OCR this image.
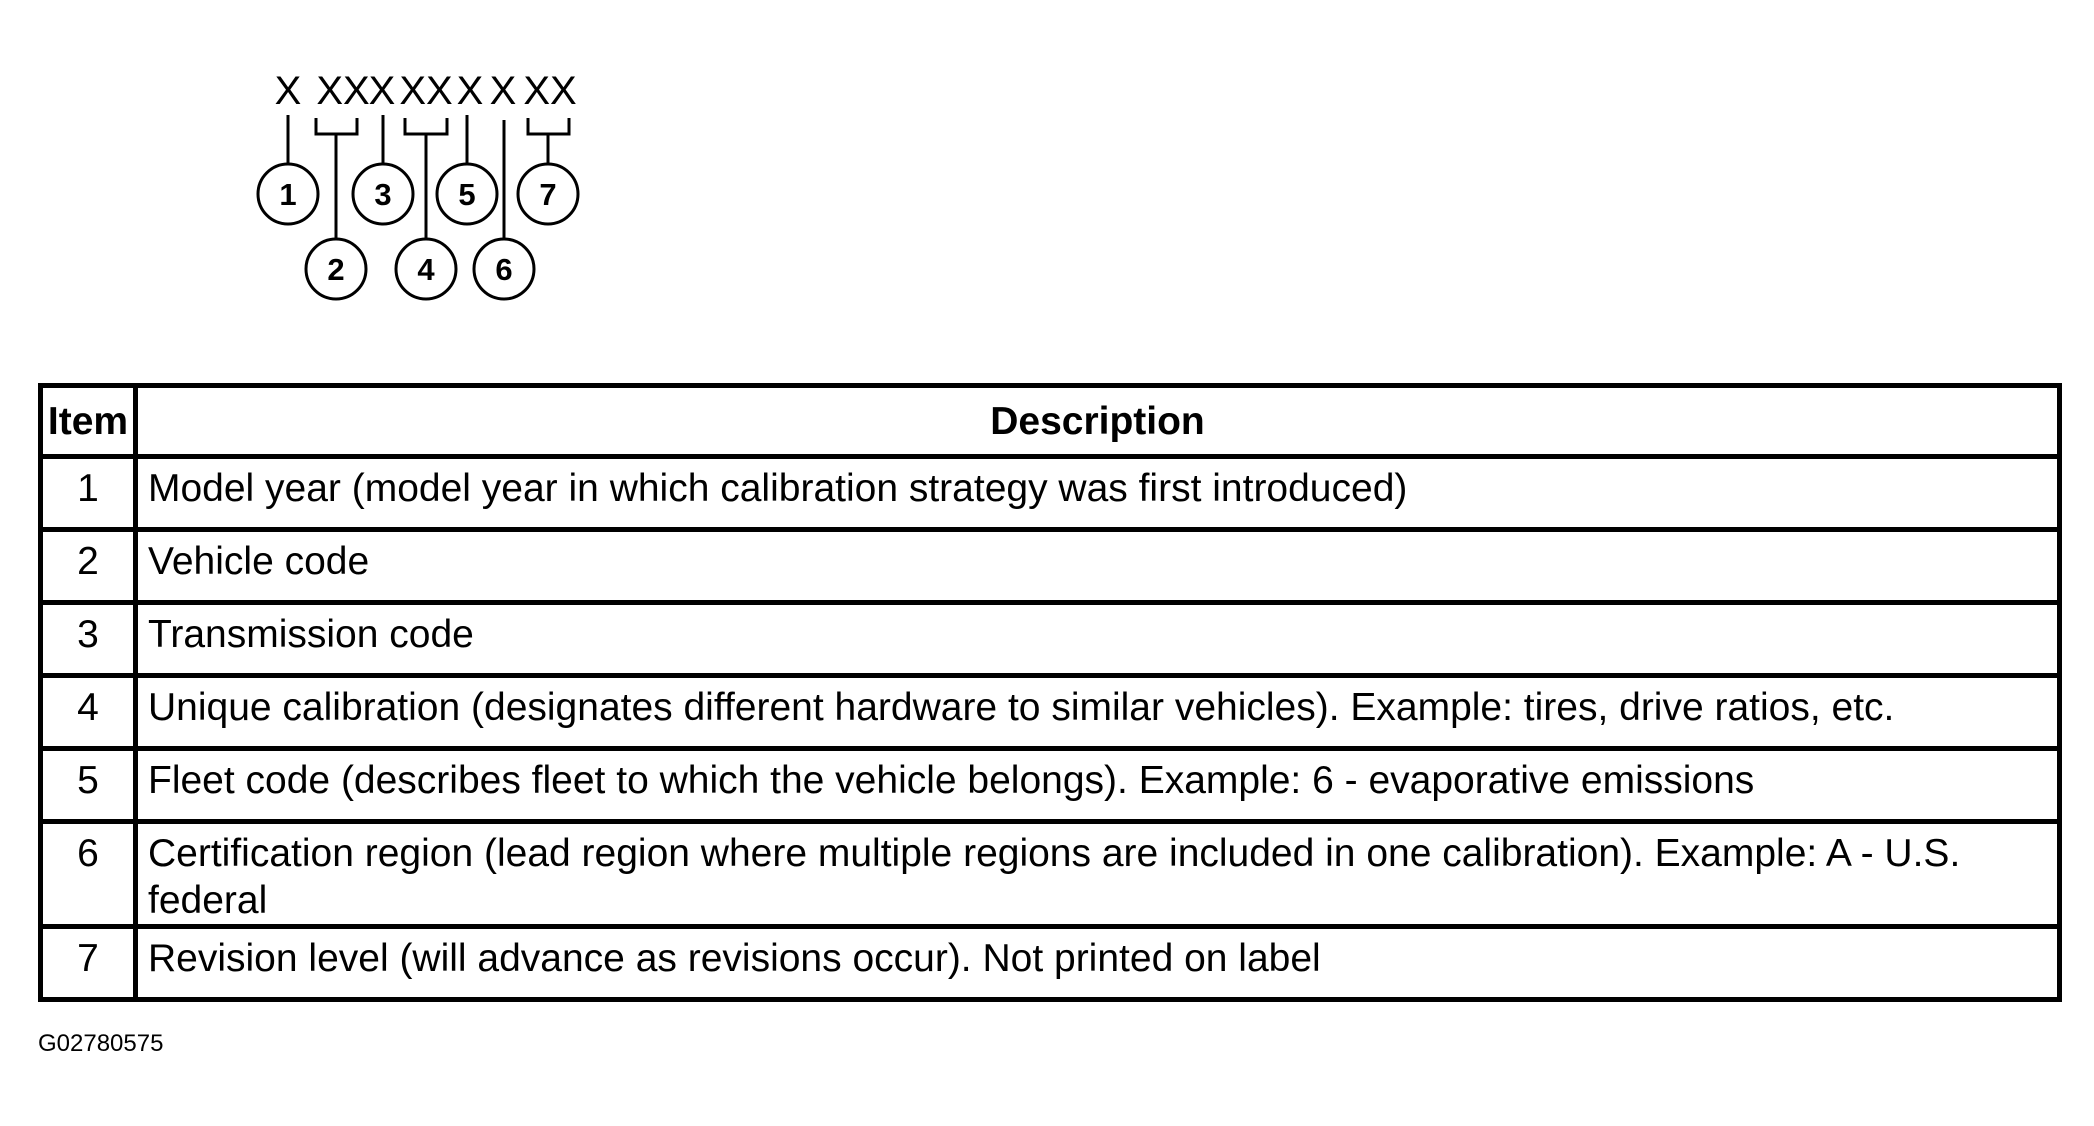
X XX
X XX X X XX
1
2
3
4
5
6
7
Item	Description
1	Model year (model year in which calibration strategy was first introduced)
2	Vehicle code
3	Transmission code
4	Unique calibration (designates different hardware to similar vehicles). Example: tires, drive ratios, etc.
5	Fleet code (describes fleet to which the vehicle belongs). Example: 6 - evaporative emissions
6	Certification region (lead region where multiple regions are included in one calibration). Example: A - U.S. federal
7	Revision level (will advance as revisions occur). Not printed on label
G02780575
